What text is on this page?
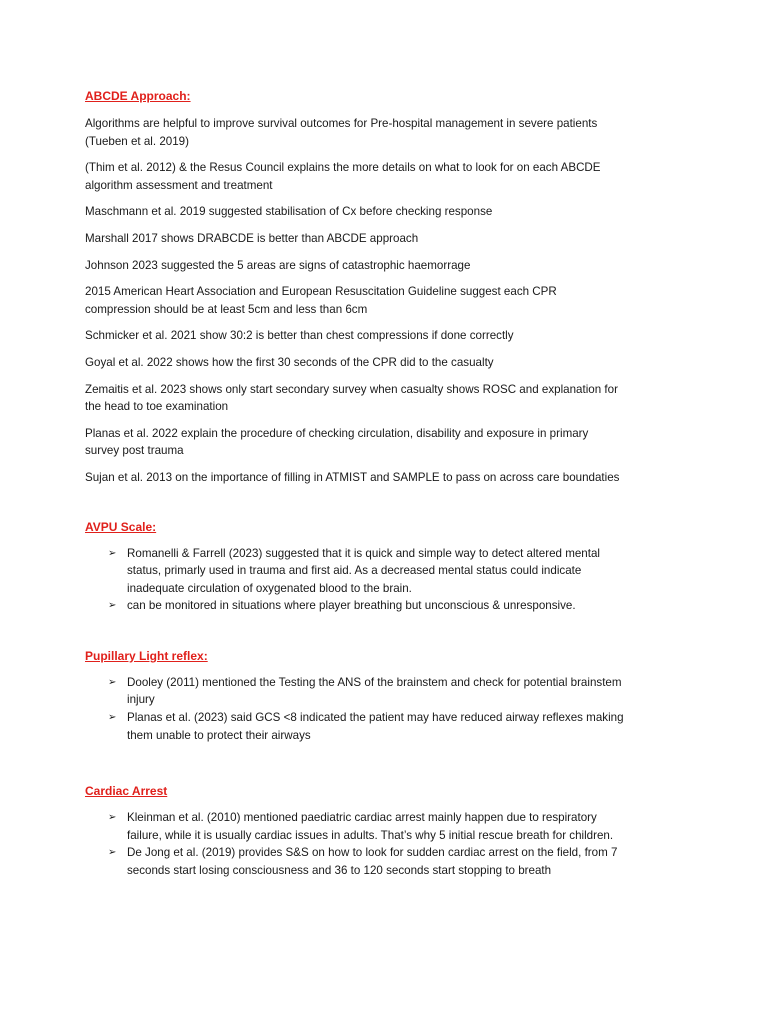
ABCDE Approach:

Algorithms are helpful to improve survival outcomes for Pre-hospital management in severe patients (Tueben et al. 2019)

(Thim et al. 2012) & the Resus Council explains the more details on what to look for on each ABCDE algorithm assessment and treatment

Maschmann et al. 2019 suggested stabilisation of Cx before checking response

Marshall 2017 shows DRABCDE is better than ABCDE approach

Johnson 2023 suggested the 5 areas are signs of catastrophic haemorrage

2015 American Heart Association and European Resuscitation Guideline suggest each CPR compression should be at least 5cm and less than 6cm

Schmicker et al. 2021 show 30:2 is better than chest compressions if done correctly

Goyal et al. 2022 shows how the first 30 seconds of the CPR did to the casualty

Zemaitis et al. 2023 shows only start secondary survey when casualty shows ROSC and explanation for the head to toe examination

Planas et al. 2022 explain the procedure of checking circulation, disability and exposure in primary survey post trauma

Sujan et al. 2013 on the importance of filling in ATMIST and SAMPLE to pass on across care boundaties

AVPU Scale:

➢ Romanelli & Farrell (2023) suggested that it is quick and simple way to detect altered mental status, primarly used in trauma and first aid. As a decreased mental status could indicate inadequate circulation of oxygenated blood to the brain.
➢ can be monitored in situations where player breathing but unconscious & unresponsive.

Pupillary Light reflex:

➢ Dooley (2011) mentioned the Testing the ANS of the brainstem and check for potential brainstem injury
➢ Planas et al. (2023) said GCS <8 indicated the patient may have reduced airway reflexes making them unable to protect their airways

Cardiac Arrest

➢ Kleinman et al. (2010) mentioned paediatric cardiac arrest mainly happen due to respiratory failure, while it is usually cardiac issues in adults. That’s why 5 initial rescue breath for children.
➢ De Jong et al. (2019) provides S&S on how to look for sudden cardiac arrest on the field, from 7 seconds start losing consciousness and 36 to 120 seconds start stopping to breath
